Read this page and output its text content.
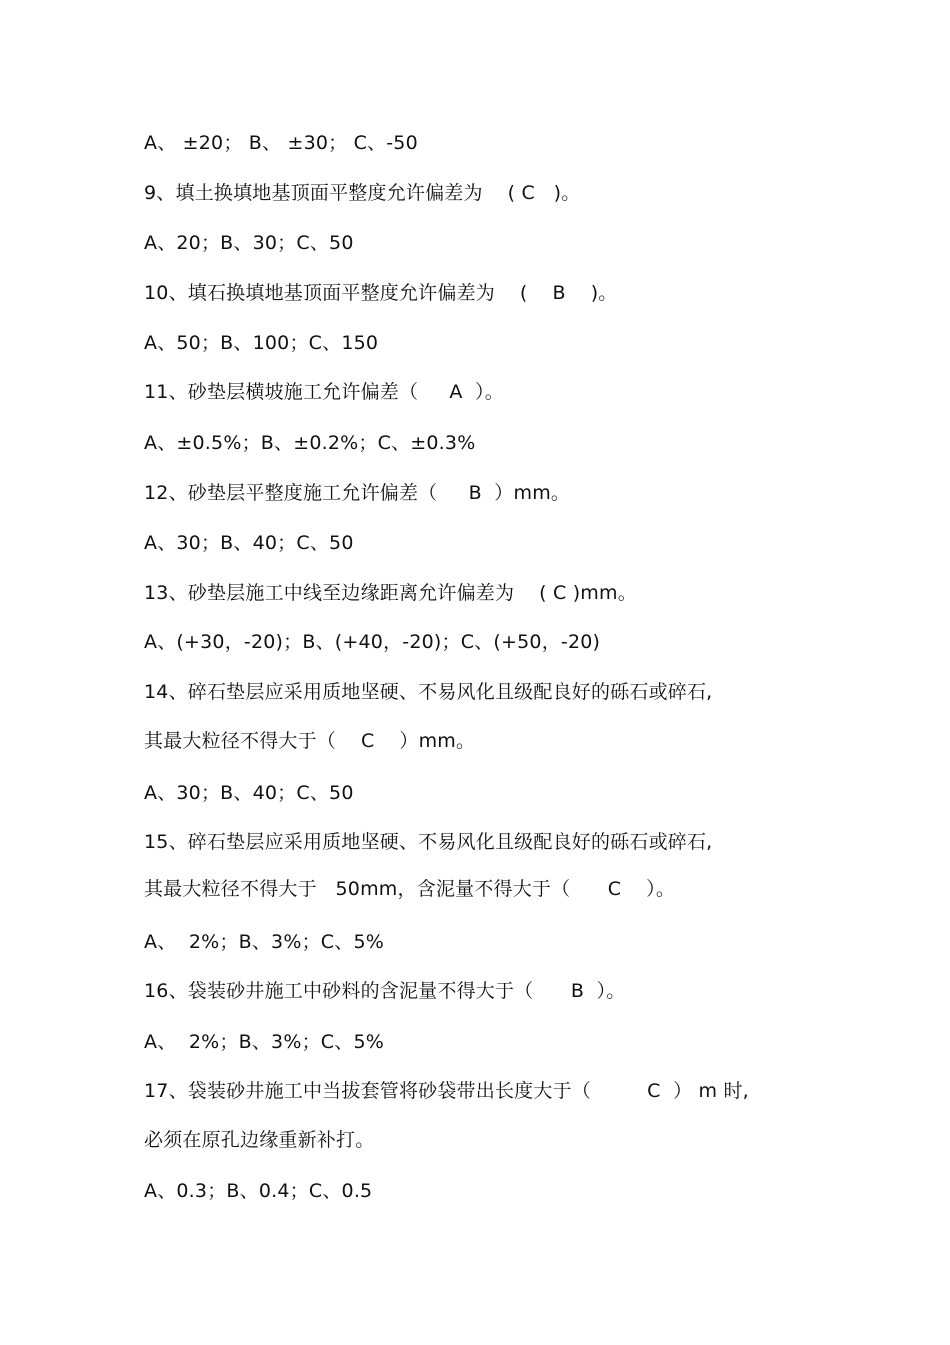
A、 ±20； B、 ±30； C、-50
9、填土换填地基顶面平整度允许偏差为    ( C   )。
A、20；B、30；C、50
10、填石换填地基顶面平整度允许偏差为    (    B    )。
A、50；B、100；C、150
11、砂垫层横坡施工允许偏差（     A  ）。
A、±0.5%；B、±0.2%；C、±0.3%
12、砂垫层平整度施工允许偏差（     B  ）mm。
A、30；B、40；C、50
13、砂垫层施工中线至边缘距离允许偏差为    ( C )mm。
A、(+30，-20)；B、(+40，-20)；C、(+50，-20)
14、碎石垫层应采用质地坚硬、不易风化且级配良好的砾石或碎石,
其最大粒径不得大于（    C    ）mm。
A、30；B、40；C、50
15、碎石垫层应采用质地坚硬、不易风化且级配良好的砾石或碎石,
其最大粒径不得大于   50mm，含泥量不得大于（      C    ）。
A、  2%；B、3%；C、5%
16、袋装砂井施工中砂料的含泥量不得大于（      B  ）。
A、  2%；B、3%；C、5%
17、袋装砂井施工中当拔套管将砂袋带出长度大于（         C  ） m 时,
必须在原孔边缘重新补打。
A、0.3；B、0.4；C、0.5
